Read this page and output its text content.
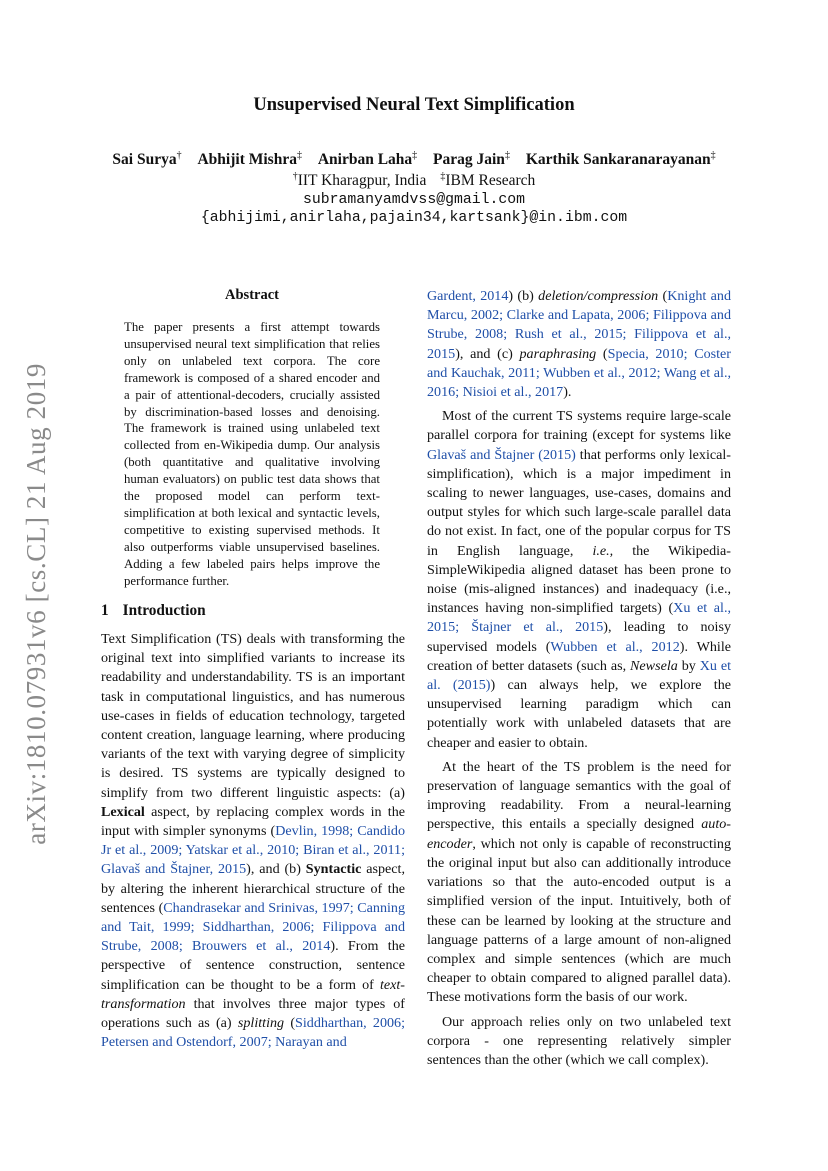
arXiv:1810.07931v6 [cs.CL] 21 Aug 2019
Unsupervised Neural Text Simplification
Sai Surya† Abhijit Mishra‡ Anirban Laha‡ Parag Jain‡ Karthik Sankaranarayanan‡
†IIT Kharagpur, India ‡IBM Research
subramanyamdvss@gmail.com
{abhijimi,anirlaha,pajain34,kartsank}@in.ibm.com
Abstract
The paper presents a first attempt towards unsupervised neural text simplification that relies only on unlabeled text corpora. The core framework is composed of a shared encoder and a pair of attentional-decoders, crucially assisted by discrimination-based losses and denoising. The framework is trained using unlabeled text collected from en-Wikipedia dump. Our analysis (both quantitative and qualitative involving human evaluators) on public test data shows that the proposed model can perform text-simplification at both lexical and syntactic levels, competitive to existing supervised methods. It also outperforms viable unsupervised baselines. Adding a few labeled pairs helps improve the performance further.
1 Introduction

Text Simplification (TS) deals with transforming the original text into simplified variants to increase its readability and understandability. TS is an important task in computational linguistics, and has numerous use-cases in fields of education technology, targeted content creation, language learning, where producing variants of the text with varying degree of simplicity is desired. TS systems are typically designed to simplify from two different linguistic aspects: (a) Lexical aspect, by replacing complex words in the input with simpler synonyms (Devlin, 1998; Candido Jr et al., 2009; Yatskar et al., 2010; Biran et al., 2011; Glavaš and Štajner, 2015), and (b) Syntactic aspect, by altering the inherent hierarchical structure of the sentences (Chandrasekar and Srinivas, 1997; Canning and Tait, 1999; Siddharthan, 2006; Filippova and Strube, 2008; Brouwers et al., 2014). From the perspective of sentence construction, sentence simplification can be thought to be a form of text-transformation that involves three major types of operations such as (a) splitting (Siddharthan, 2006; Petersen and Ostendorf, 2007; Narayan and

Gardent, 2014) (b) deletion/compression (Knight and Marcu, 2002; Clarke and Lapata, 2006; Filippova and Strube, 2008; Rush et al., 2015; Filippova et al., 2015), and (c) paraphrasing (Specia, 2010; Coster and Kauchak, 2011; Wubben et al., 2012; Wang et al., 2016; Nisioi et al., 2017).

Most of the current TS systems require large-scale parallel corpora for training (except for systems like Glavaš and Štajner (2015) that performs only lexical-simplification), which is a major impediment in scaling to newer languages, use-cases, domains and output styles for which such large-scale parallel data do not exist. In fact, one of the popular corpus for TS in English language, i.e., the Wikipedia-SimpleWikipedia aligned dataset has been prone to noise (mis-aligned instances) and inadequacy (i.e., instances having non-simplified targets) (Xu et al., 2015; Štajner et al., 2015), leading to noisy supervised models (Wubben et al., 2012). While creation of better datasets (such as, Newsela by Xu et al. (2015)) can always help, we explore the unsupervised learning paradigm which can potentially work with unlabeled datasets that are cheaper and easier to obtain.

At the heart of the TS problem is the need for preservation of language semantics with the goal of improving readability. From a neural-learning perspective, this entails a specially designed auto-encoder, which not only is capable of reconstructing the original input but also can additionally introduce variations so that the auto-encoded output is a simplified version of the input. Intuitively, both of these can be learned by looking at the structure and language patterns of a large amount of non-aligned complex and simple sentences (which are much cheaper to obtain compared to aligned parallel data). These motivations form the basis of our work.

Our approach relies only on two unlabeled text corpora - one representing relatively simpler sentences than the other (which we call complex).
